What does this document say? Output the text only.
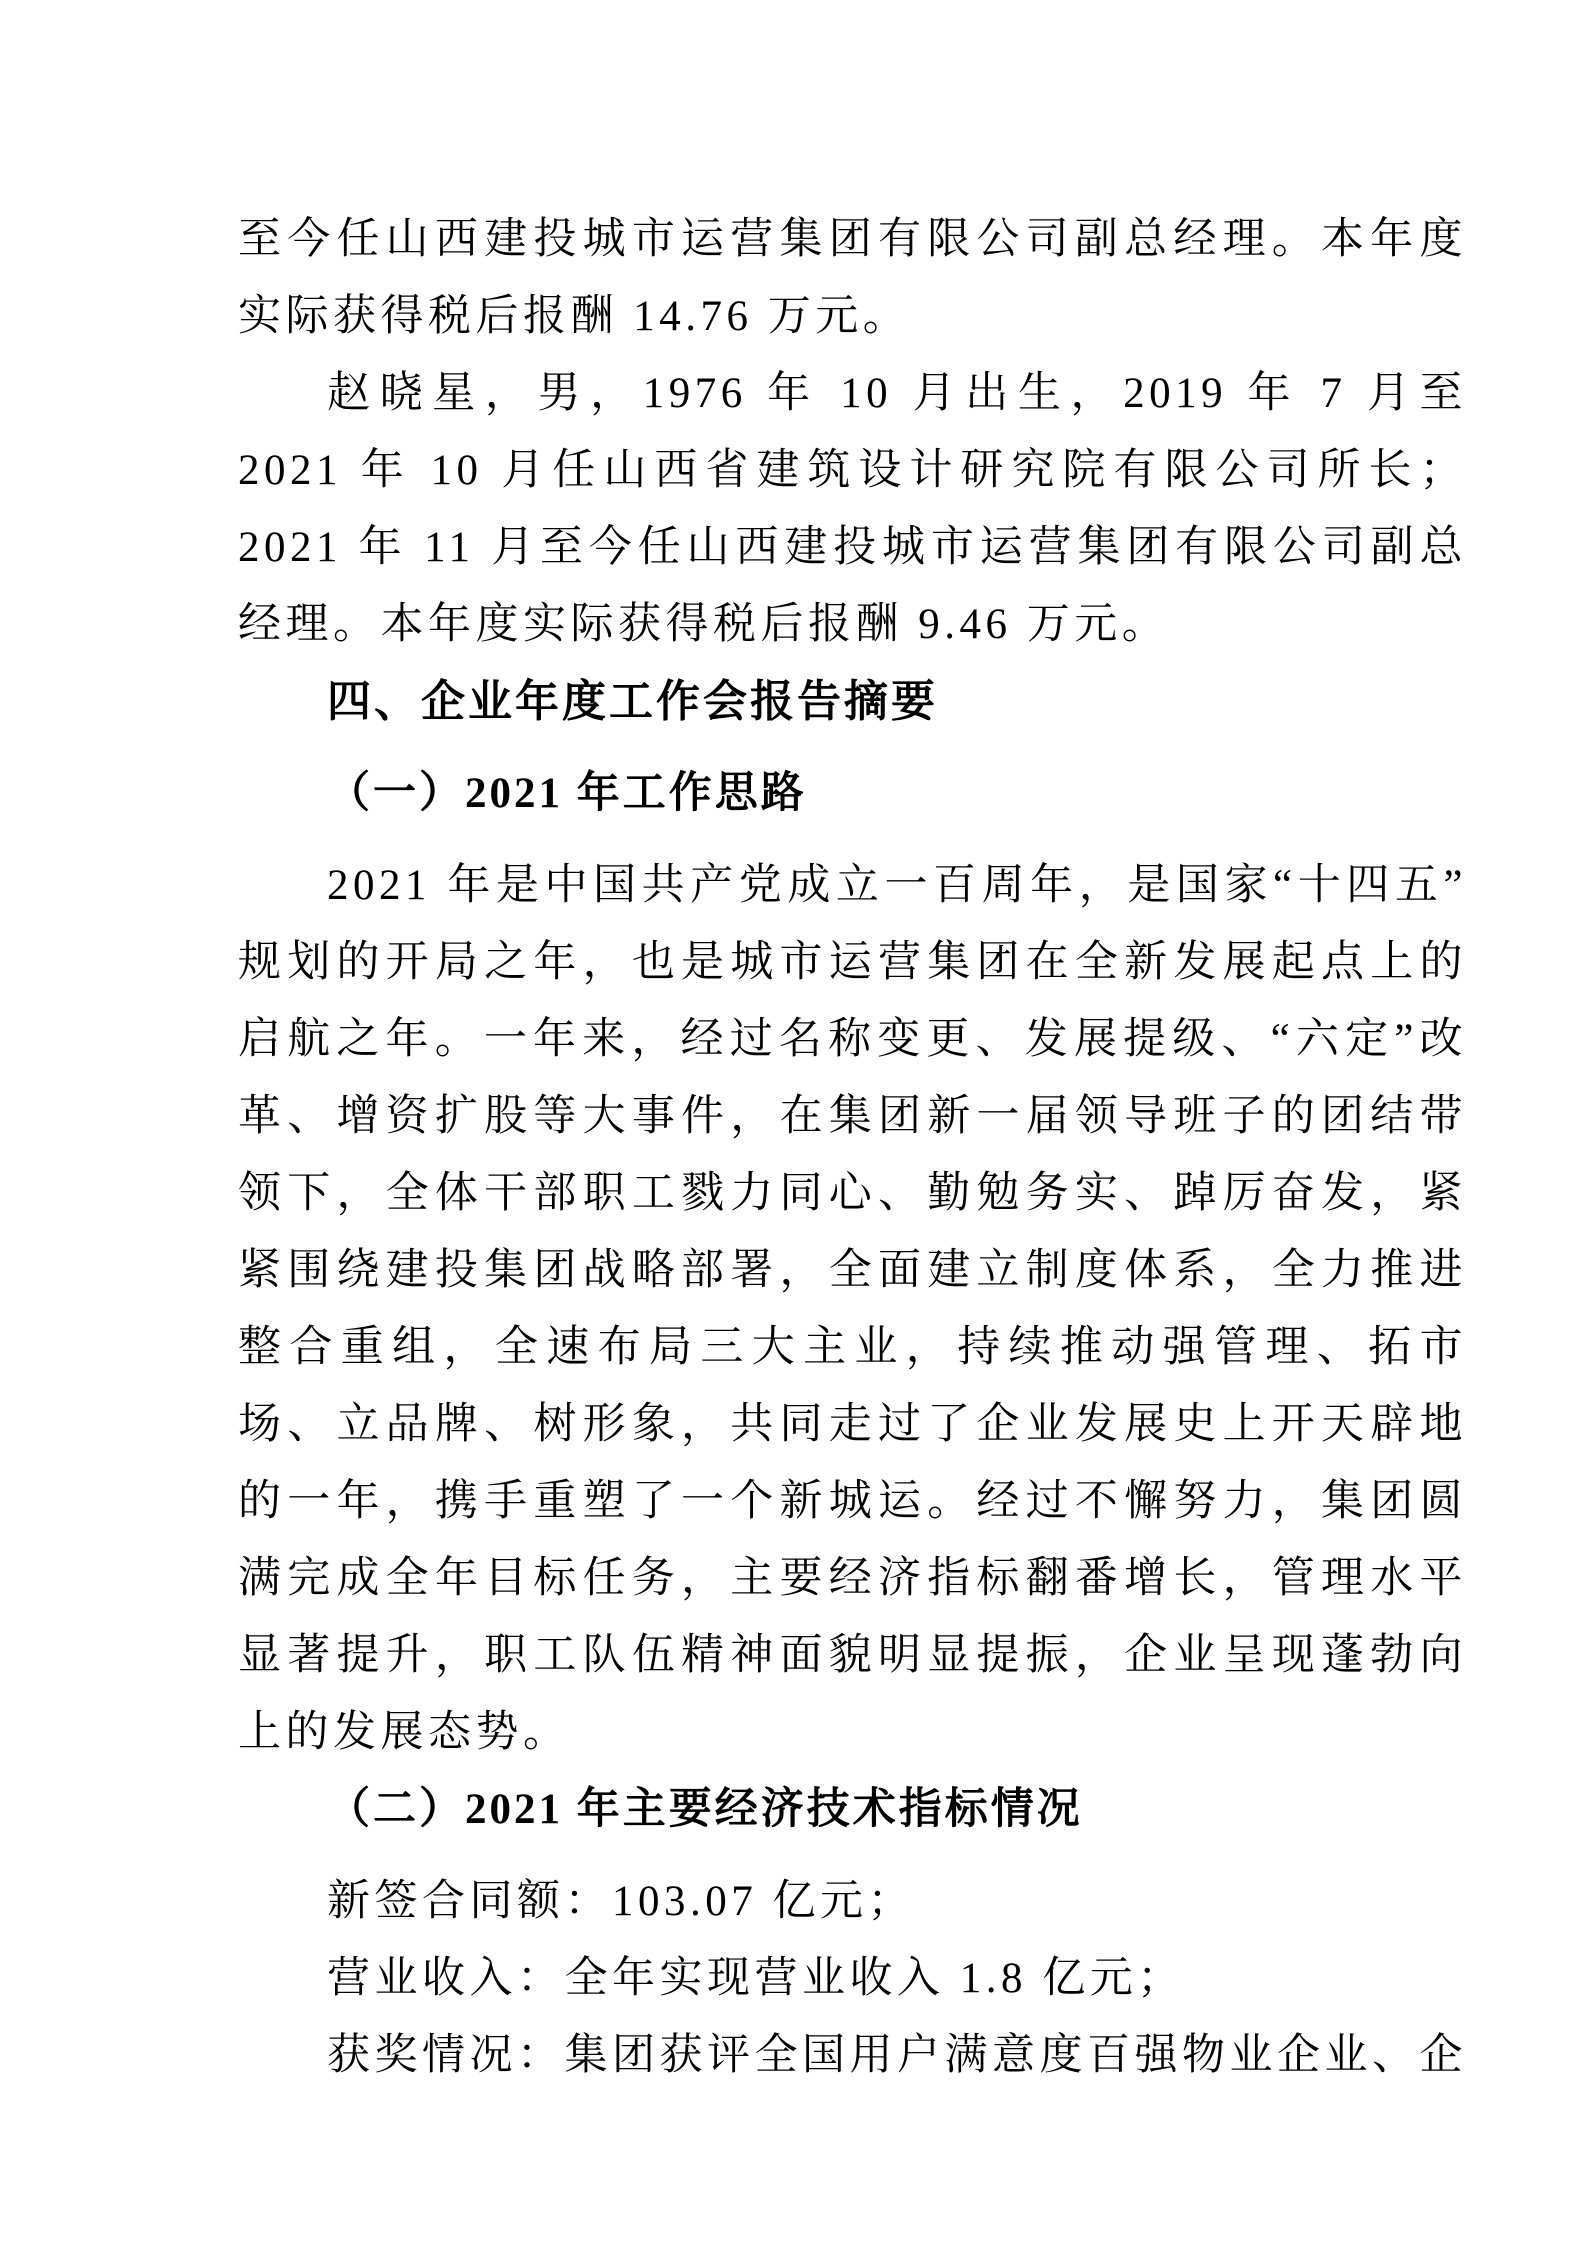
至今任山西建投城市运营集团有限公司副总经理。本年度实际获得税后报酬 14.76 万元。

赵晓星，男，1976 年 10 月出生，2019 年 7 月至 2021 年 10 月任山西省建筑设计研究院有限公司所长；2021 年 11 月至今任山西建投城市运营集团有限公司副总经理。本年度实际获得税后报酬 9.46 万元。

四、企业年度工作会报告摘要

（一）2021 年工作思路

2021 年是中国共产党成立一百周年，是国家“十四五”规划的开局之年，也是城市运营集团在全新发展起点上的启航之年。一年来，经过名称变更、发展提级、“六定”改革、增资扩股等大事件，在集团新一届领导班子的团结带领下，全体干部职工戮力同心、勤勉务实、踔厉奋发，紧紧围绕建投集团战略部署，全面建立制度体系，全力推进整合重组，全速布局三大主业，持续推动强管理、拓市场、立品牌、树形象，共同走过了企业发展史上开天辟地的一年，携手重塑了一个新城运。经过不懈努力，集团圆满完成全年目标任务，主要经济指标翻番增长，管理水平显著提升，职工队伍精神面貌明显提振，企业呈现蓬勃向上的发展态势。

（二）2021 年主要经济技术指标情况

新签合同额：103.07 亿元；

营业收入：全年实现营业收入 1.8 亿元；

获奖情况：集团获评全国用户满意度百强物业企业、企
